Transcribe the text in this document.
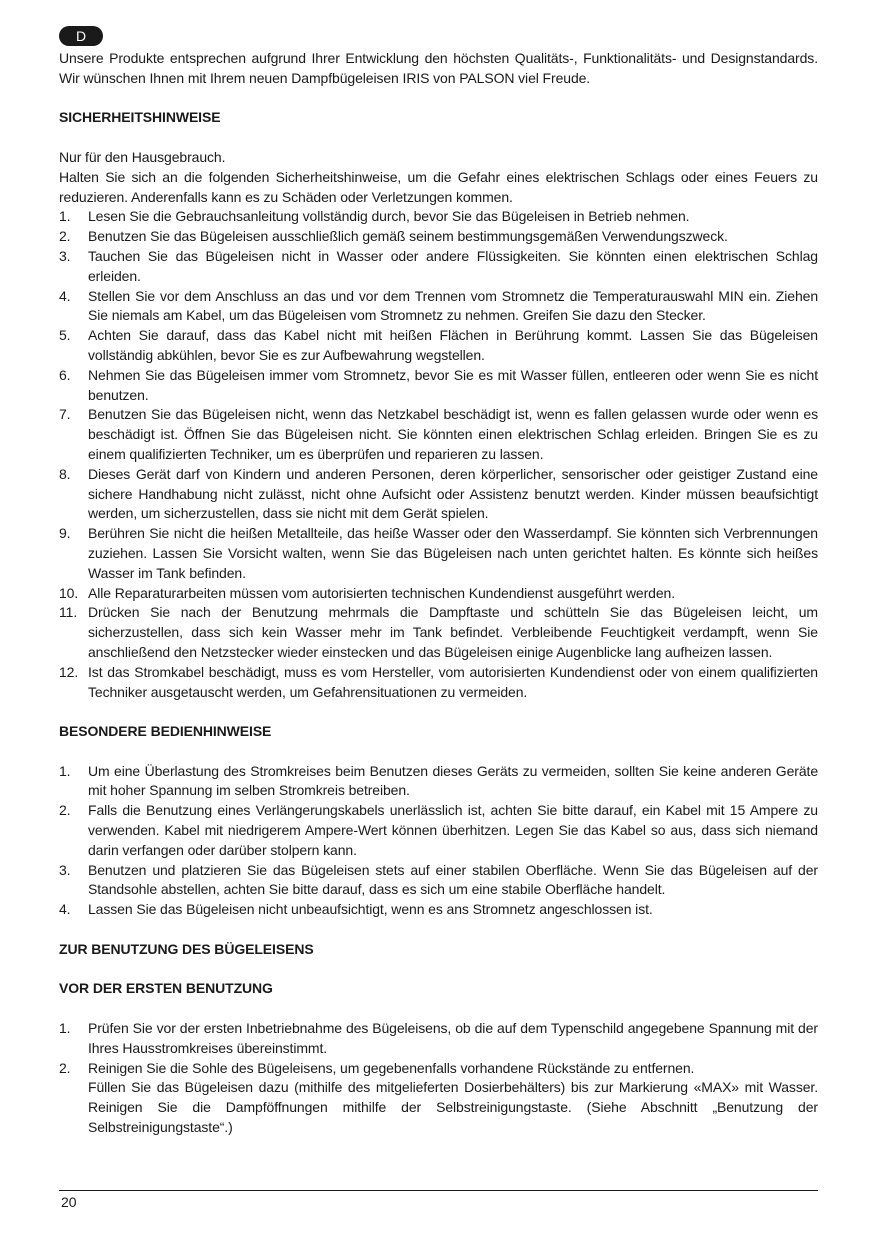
D

Unsere Produkte entsprechen aufgrund Ihrer Entwicklung den höchsten Qualitäts-, Funktionalitäts- und Designstandards. Wir wünschen Ihnen mit Ihrem neuen Dampfbügeleisen IRIS von PALSON viel Freude.

SICHERHEITSHINWEISE

Nur für den Hausgebrauch.

Halten Sie sich an die folgenden Sicherheitshinweise, um die Gefahr eines elektrischen Schlags oder eines Feuers zu reduzieren. Anderenfalls kann es zu Schäden oder Verletzungen kommen.

1. Lesen Sie die Gebrauchsanleitung vollständig durch, bevor Sie das Bügeleisen in Betrieb nehmen.
2. Benutzen Sie das Bügeleisen ausschließlich gemäß seinem bestimmungsgemäßen Verwendungszweck.
3. Tauchen Sie das Bügeleisen nicht in Wasser oder andere Flüssigkeiten. Sie könnten einen elektrischen Schlag erleiden.
4. Stellen Sie vor dem Anschluss an das und vor dem Trennen vom Stromnetz die Temperaturauswahl MIN ein. Ziehen Sie niemals am Kabel, um das Bügeleisen vom Stromnetz zu nehmen. Greifen Sie dazu den Stecker.
5. Achten Sie darauf, dass das Kabel nicht mit heißen Flächen in Berührung kommt. Lassen Sie das Bügeleisen vollständig abkühlen, bevor Sie es zur Aufbewahrung wegstellen.
6. Nehmen Sie das Bügeleisen immer vom Stromnetz, bevor Sie es mit Wasser füllen, entleeren oder wenn Sie es nicht benutzen.
7. Benutzen Sie das Bügeleisen nicht, wenn das Netzkabel beschädigt ist, wenn es fallen gelassen wurde oder wenn es beschädigt ist. Öffnen Sie das Bügeleisen nicht. Sie könnten einen elektrischen Schlag erleiden. Bringen Sie es zu einem qualifizierten Techniker, um es überprüfen und reparieren zu lassen.
8. Dieses Gerät darf von Kindern und anderen Personen, deren körperlicher, sensorischer oder geistiger Zustand eine sichere Handhabung nicht zulässt, nicht ohne Aufsicht oder Assistenz benutzt werden. Kinder müssen beaufsichtigt werden, um sicherzustellen, dass sie nicht mit dem Gerät spielen.
9. Berühren Sie nicht die heißen Metallteile, das heiße Wasser oder den Wasserdampf. Sie könnten sich Verbrennungen zuziehen. Lassen Sie Vorsicht walten, wenn Sie das Bügeleisen nach unten gerichtet halten. Es könnte sich heißes Wasser im Tank befinden.
10. Alle Reparaturarbeiten müssen vom autorisierten technischen Kundendienst ausgeführt werden.
11. Drücken Sie nach der Benutzung mehrmals die Dampftaste und schütteln Sie das Bügeleisen leicht, um sicherzustellen, dass sich kein Wasser mehr im Tank befindet. Verbleibende Feuchtigkeit verdampft, wenn Sie anschließend den Netzstecker wieder einstecken und das Bügeleisen einige Augenblicke lang aufheizen lassen.
12. Ist das Stromkabel beschädigt, muss es vom Hersteller, vom autorisierten Kundendienst oder von einem qualifizierten Techniker ausgetauscht werden, um Gefahrensituationen zu vermeiden.
BESONDERE BEDIENHINWEISE
1. Um eine Überlastung des Stromkreises beim Benutzen dieses Geräts zu vermeiden, sollten Sie keine anderen Geräte mit hoher Spannung im selben Stromkreis betreiben.
2. Falls die Benutzung eines Verlängerungskabels unerlässlich ist, achten Sie bitte darauf, ein Kabel mit 15 Ampere zu verwenden. Kabel mit niedrigerem Ampere-Wert können überhitzen. Legen Sie das Kabel so aus, dass sich niemand darin verfangen oder darüber stolpern kann.
3. Benutzen und platzieren Sie das Bügeleisen stets auf einer stabilen Oberfläche. Wenn Sie das Bügeleisen auf der Standsohle abstellen, achten Sie bitte darauf, dass es sich um eine stabile Oberfläche handelt.
4. Lassen Sie das Bügeleisen nicht unbeaufsichtigt, wenn es ans Stromnetz angeschlossen ist.
ZUR BENUTZUNG DES BÜGELEISENS
VOR DER ERSTEN BENUTZUNG
1. Prüfen Sie vor der ersten Inbetriebnahme des Bügeleisens, ob die auf dem Typenschild angegebene Spannung mit der Ihres Hausstromkreises übereinstimmt.
2. Reinigen Sie die Sohle des Bügeleisens, um gegebenenfalls vorhandene Rückstände zu entfernen.
Füllen Sie das Bügeleisen dazu (mithilfe des mitgelieferten Dosierbehälters) bis zur Markierung «MAX» mit Wasser. Reinigen Sie die Dampföffnungen mithilfe der Selbstreinigungstaste. (Siehe Abschnitt „Benutzung der Selbstreinigungstaste“.)
20
